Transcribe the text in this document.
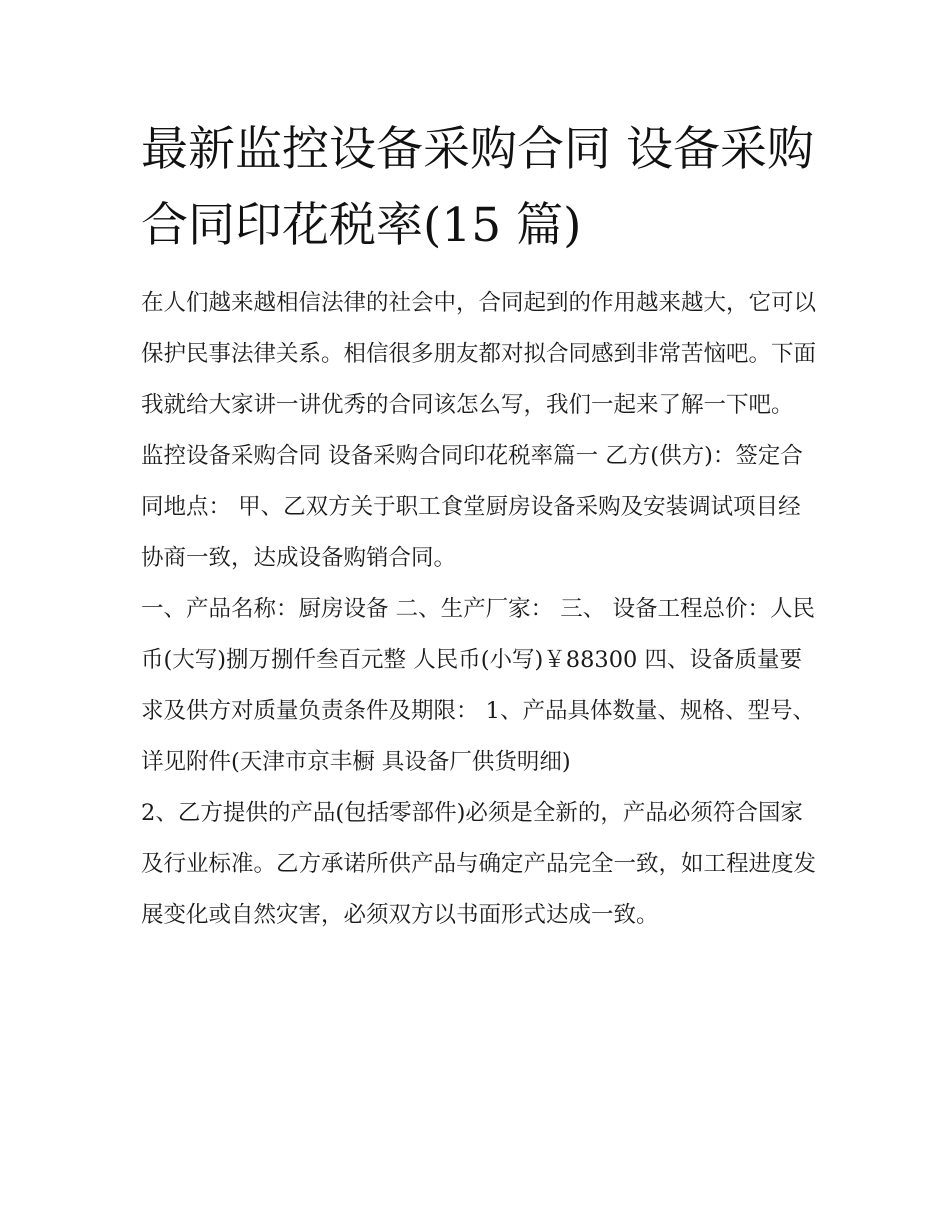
最新监控设备采购合同 设备采购合同印花税率(15 篇)

在人们越来越相信法律的社会中，合同起到的作用越来越大，它可以保护民事法律关系。相信很多朋友都对拟合同感到非常苦恼吧。下面我就给大家讲一讲优秀的合同该怎么写，我们一起来了解一下吧。

监控设备采购合同 设备采购合同印花税率篇一 乙方(供方)：签定合同地点： 甲、乙双方关于职工食堂厨房设备采购及安装调试项目经协商一致，达成设备购销合同。

一、产品名称：厨房设备 二、生产厂家： 三、 设备工程总价：人民币(大写)捌万捌仟叁百元整 人民币(小写)￥88300 四、设备质量要求及供方对质量负责条件及期限： 1、产品具体数量、规格、型号、详见附件(天津市京丰橱 具设备厂供货明细)

2、乙方提供的产品(包括零部件)必须是全新的，产品必须符合国家及行业标准。乙方承诺所供产品与确定产品完全一致，如工程进度发展变化或自然灾害，必须双方以书面形式达成一致。
